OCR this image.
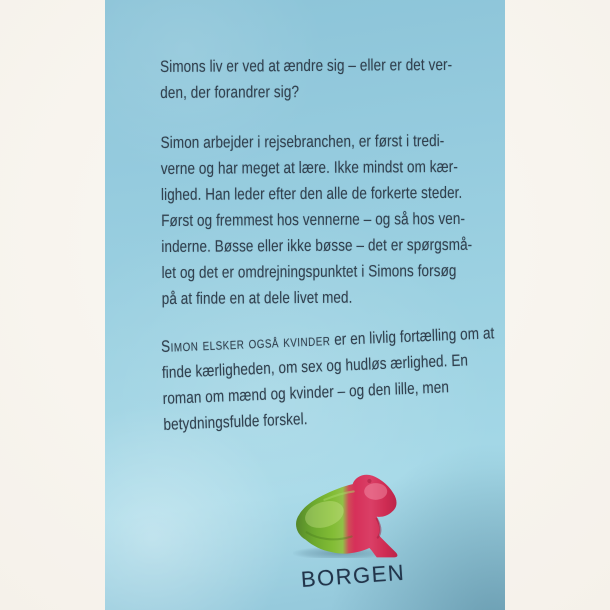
Simons liv er ved at ændre sig – eller er det ver-
den, der forandrer sig?
Simon arbejder i rejsebranchen, er først i tredi-
verne og har meget at lære. Ikke mindst om kær-
lighed. Han leder efter den alle de forkerte steder.
Først og fremmest hos vennerne – og så hos ven-
inderne. Bøsse eller ikke bøsse – det er spørgsmå-
let og det er omdrejningspunktet i Simons forsøg
på at finde en at dele livet med.
Simon elsker også kvinder er en livlig fortælling om at
finde kærligheden, om sex og hudløs ærlighed. En
roman om mænd og kvinder – og den lille, men
betydningsfulde forskel.
BORGEN
